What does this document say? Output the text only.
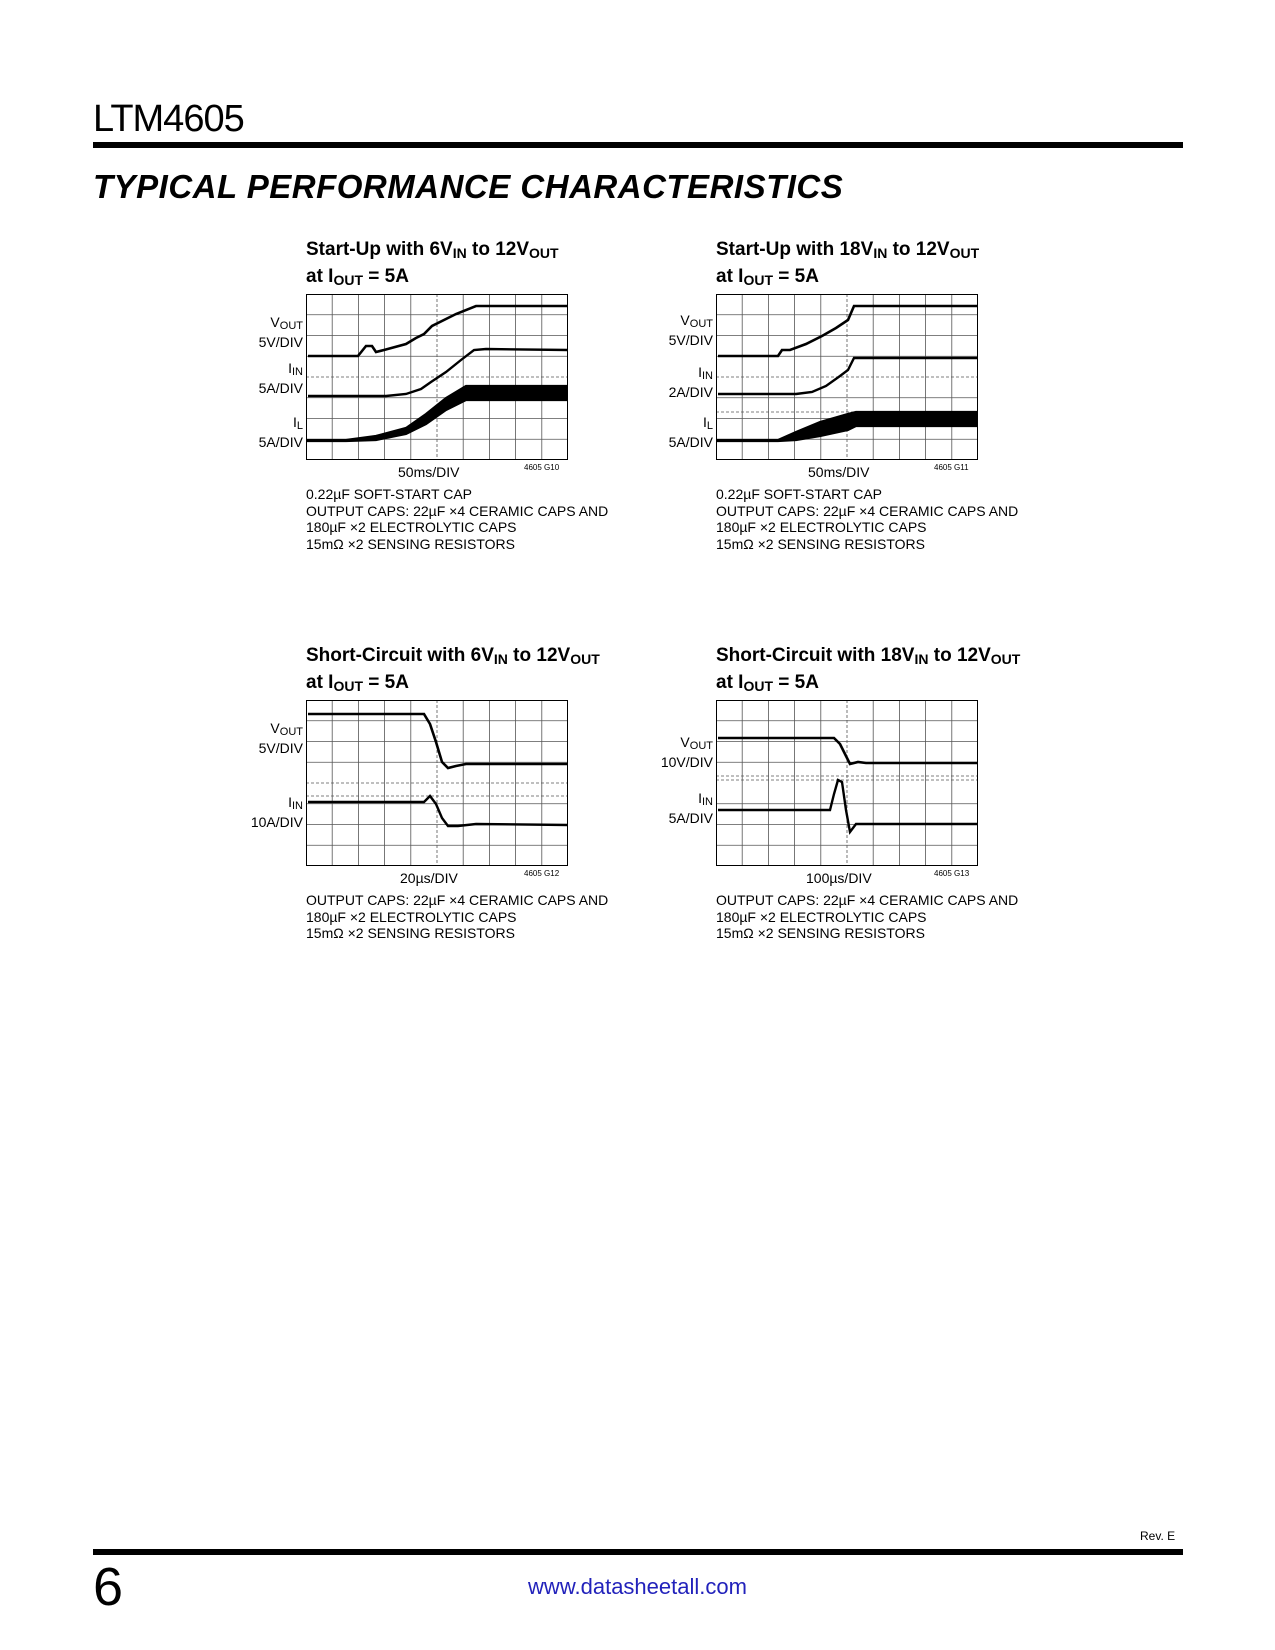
LTM4605
TYPICAL PERFORMANCE CHARACTERISTICS
Start-Up with $6V_{IN}$ to $12V_{OUT}$
at $I_{OUT} = 5A$
$V_{OUT}$
5V/DIV
$I_{IN}$
5A/DIV
$I_L$
5A/DIV
50ms/DIV	4605 G10
0.22µF SOFT-START CAP
OUTPUT CAPS: 22µF ×4 CERAMIC CAPS AND
180µF ×2 ELECTROLYTIC CAPS
15mΩ ×2 SENSING RESISTORS
Start-Up with $18V_{IN}$ to $12V_{OUT}$
at $I_{OUT} = 5A$
$V_{OUT}$
5V/DIV
$I_{IN}$
2A/DIV
$I_L$
5A/DIV
50ms/DIV	4605 G11
0.22µF SOFT-START CAP
OUTPUT CAPS: 22µF ×4 CERAMIC CAPS AND
180µF ×2 ELECTROLYTIC CAPS
15mΩ ×2 SENSING RESISTORS
Short-Circuit with $6V_{IN}$ to $12V_{OUT}$
at $I_{OUT} = 5A$
$V_{OUT}$
5V/DIV
$I_{IN}$
10A/DIV
20µs/DIV	4605 G12
OUTPUT CAPS: 22µF ×4 CERAMIC CAPS AND
180µF ×2 ELECTROLYTIC CAPS
15mΩ ×2 SENSING RESISTORS
Short-Circuit with $18V_{IN}$ to $12V_{OUT}$
at $I_{OUT} = 5A$
$V_{OUT}$
10V/DIV
$I_{IN}$
5A/DIV
100µs/DIV	4605 G13
OUTPUT CAPS: 22µF ×4 CERAMIC CAPS AND
180µF ×2 ELECTROLYTIC CAPS
15mΩ ×2 SENSING RESISTORS
Rev. E
6	www.datasheetall.com
